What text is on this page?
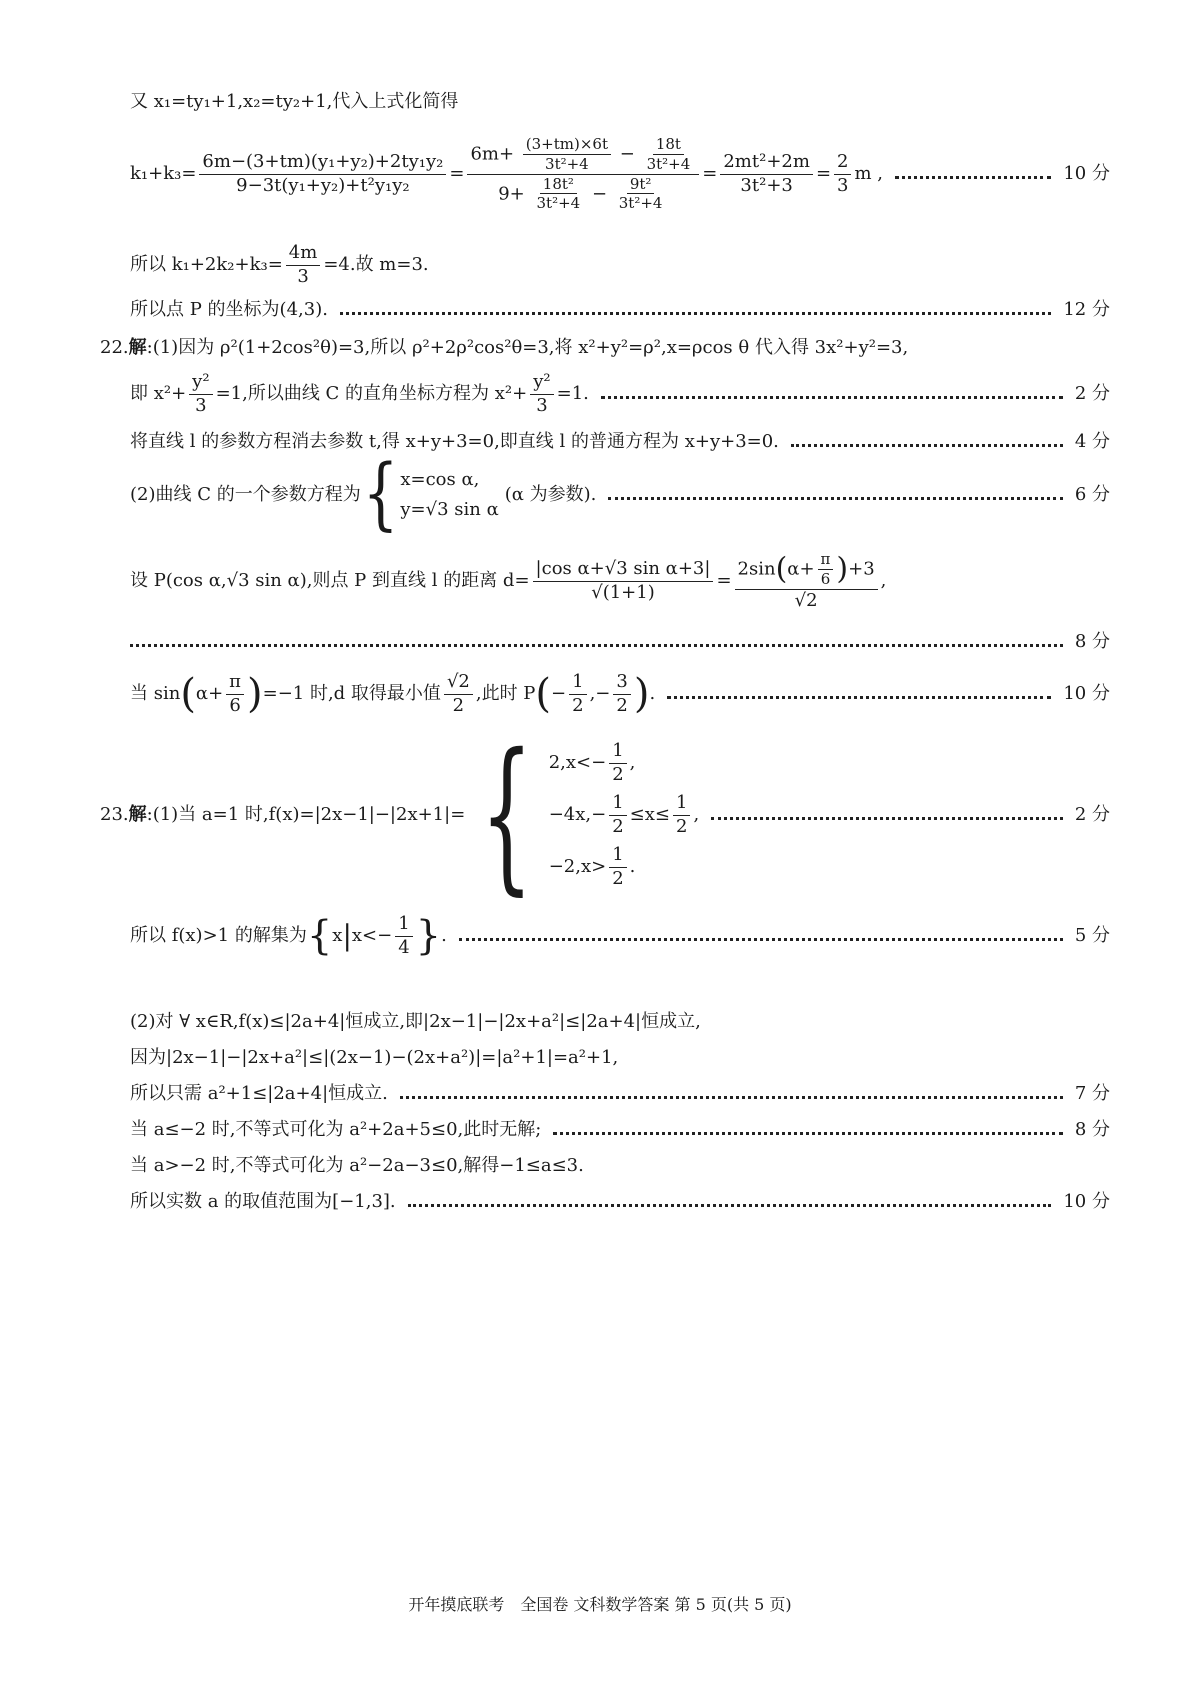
又 x₁=ty₁+1,x₂=ty₂+1,代入上式化简得
$k_1+k_3= \frac{\text{6m−(3+tm)(y₁+y₂)+2ty₁y₂}}{\text{9−3t(y₁+y₂)+t²y₁y₂}} = \frac{6m+ \frac{(3+tm)\times 6t}{\text{3t²+4}} - \frac{18t}{\text{3t²+4}}}{9+ \frac{\text{18t²}}{\text{3t²+4}} - \frac{\text{9t²}}{\text{3t²+4}}} = \frac{\text{2mt²+2m}}{\text{3t²+3}} = \frac{2}{3}$ m ,	10 分
所以 $k_1+2k_2+k_3= \frac{4m}{3} =4$.故 m=3.
所以点 P 的坐标为(4,3).	12 分
22.解:(1)因为 ρ²(1+2cos²θ)=3,所以 ρ²+2ρ²cos²θ=3,将 x²+y²=ρ²,x=ρcos θ 代入得 3x²+y²=3,
即 $x^2+ \frac{\text{y²}}{3} =1$,所以曲线 C 的直角坐标方程为 $x^2+ \frac{\text{y²}}{3} =1$.	2 分
将直线 l 的参数方程消去参数 t,得 x+y+3=0,即直线 l 的普通方程为 x+y+3=0.	4 分
(2)曲线 C 的一个参数方程为 { x=cos α,
y=√3 sin α
(α 为参数).	6 分
设 P(cos α,√3 sin α),则点 P 到直线 l 的距离 $d= \frac{\text{|cos α+√3 sin α+3|}}{√(1+1)} = \frac{2\sin(\alpha+ \frac{\pi}{6} )+3}{√2}$ ,
8 分
当 sin ( $\alpha+ \frac{\pi}{6}$ ) =−1 时,d 取得最小值
√2
2
,此时 P ( −
1
2
,−
3
2 ) .	10 分
23. 解 :(1)当 a=1 时,f(x)=|2x−1|−|2x+1|= { $2,x<- \frac{1}{2}$ ,
$-4x,- \frac{1}{2} \le x\le \frac{1}{2}$ ,
$-2,x> \frac{1}{2}$ .
2 分
所以 f(x)>1 的解集为 { x | $x<- \frac{1}{4}$ } .	5 分
(2)对 ∀ x∈R,f(x)≤|2a+4|恒成立,即|2x−1|−|2x+a²|≤|2a+4|恒成立,
因为|2x−1|−|2x+a²|≤|(2x−1)−(2x+a²)|=|a²+1|=a²+1,
所以只需 a²+1≤|2a+4|恒成立.	7 分
当 a≤−2 时,不等式可化为 a²+2a+5≤0,此时无解;	8 分
当 a>−2 时,不等式可化为 a²−2a−3≤0,解得−1≤a≤3.
所以实数 a 的取值范围为[−1,3].	10 分
开年摸底联考　全国卷 文科数学答案 第 5 页(共 5 页)
